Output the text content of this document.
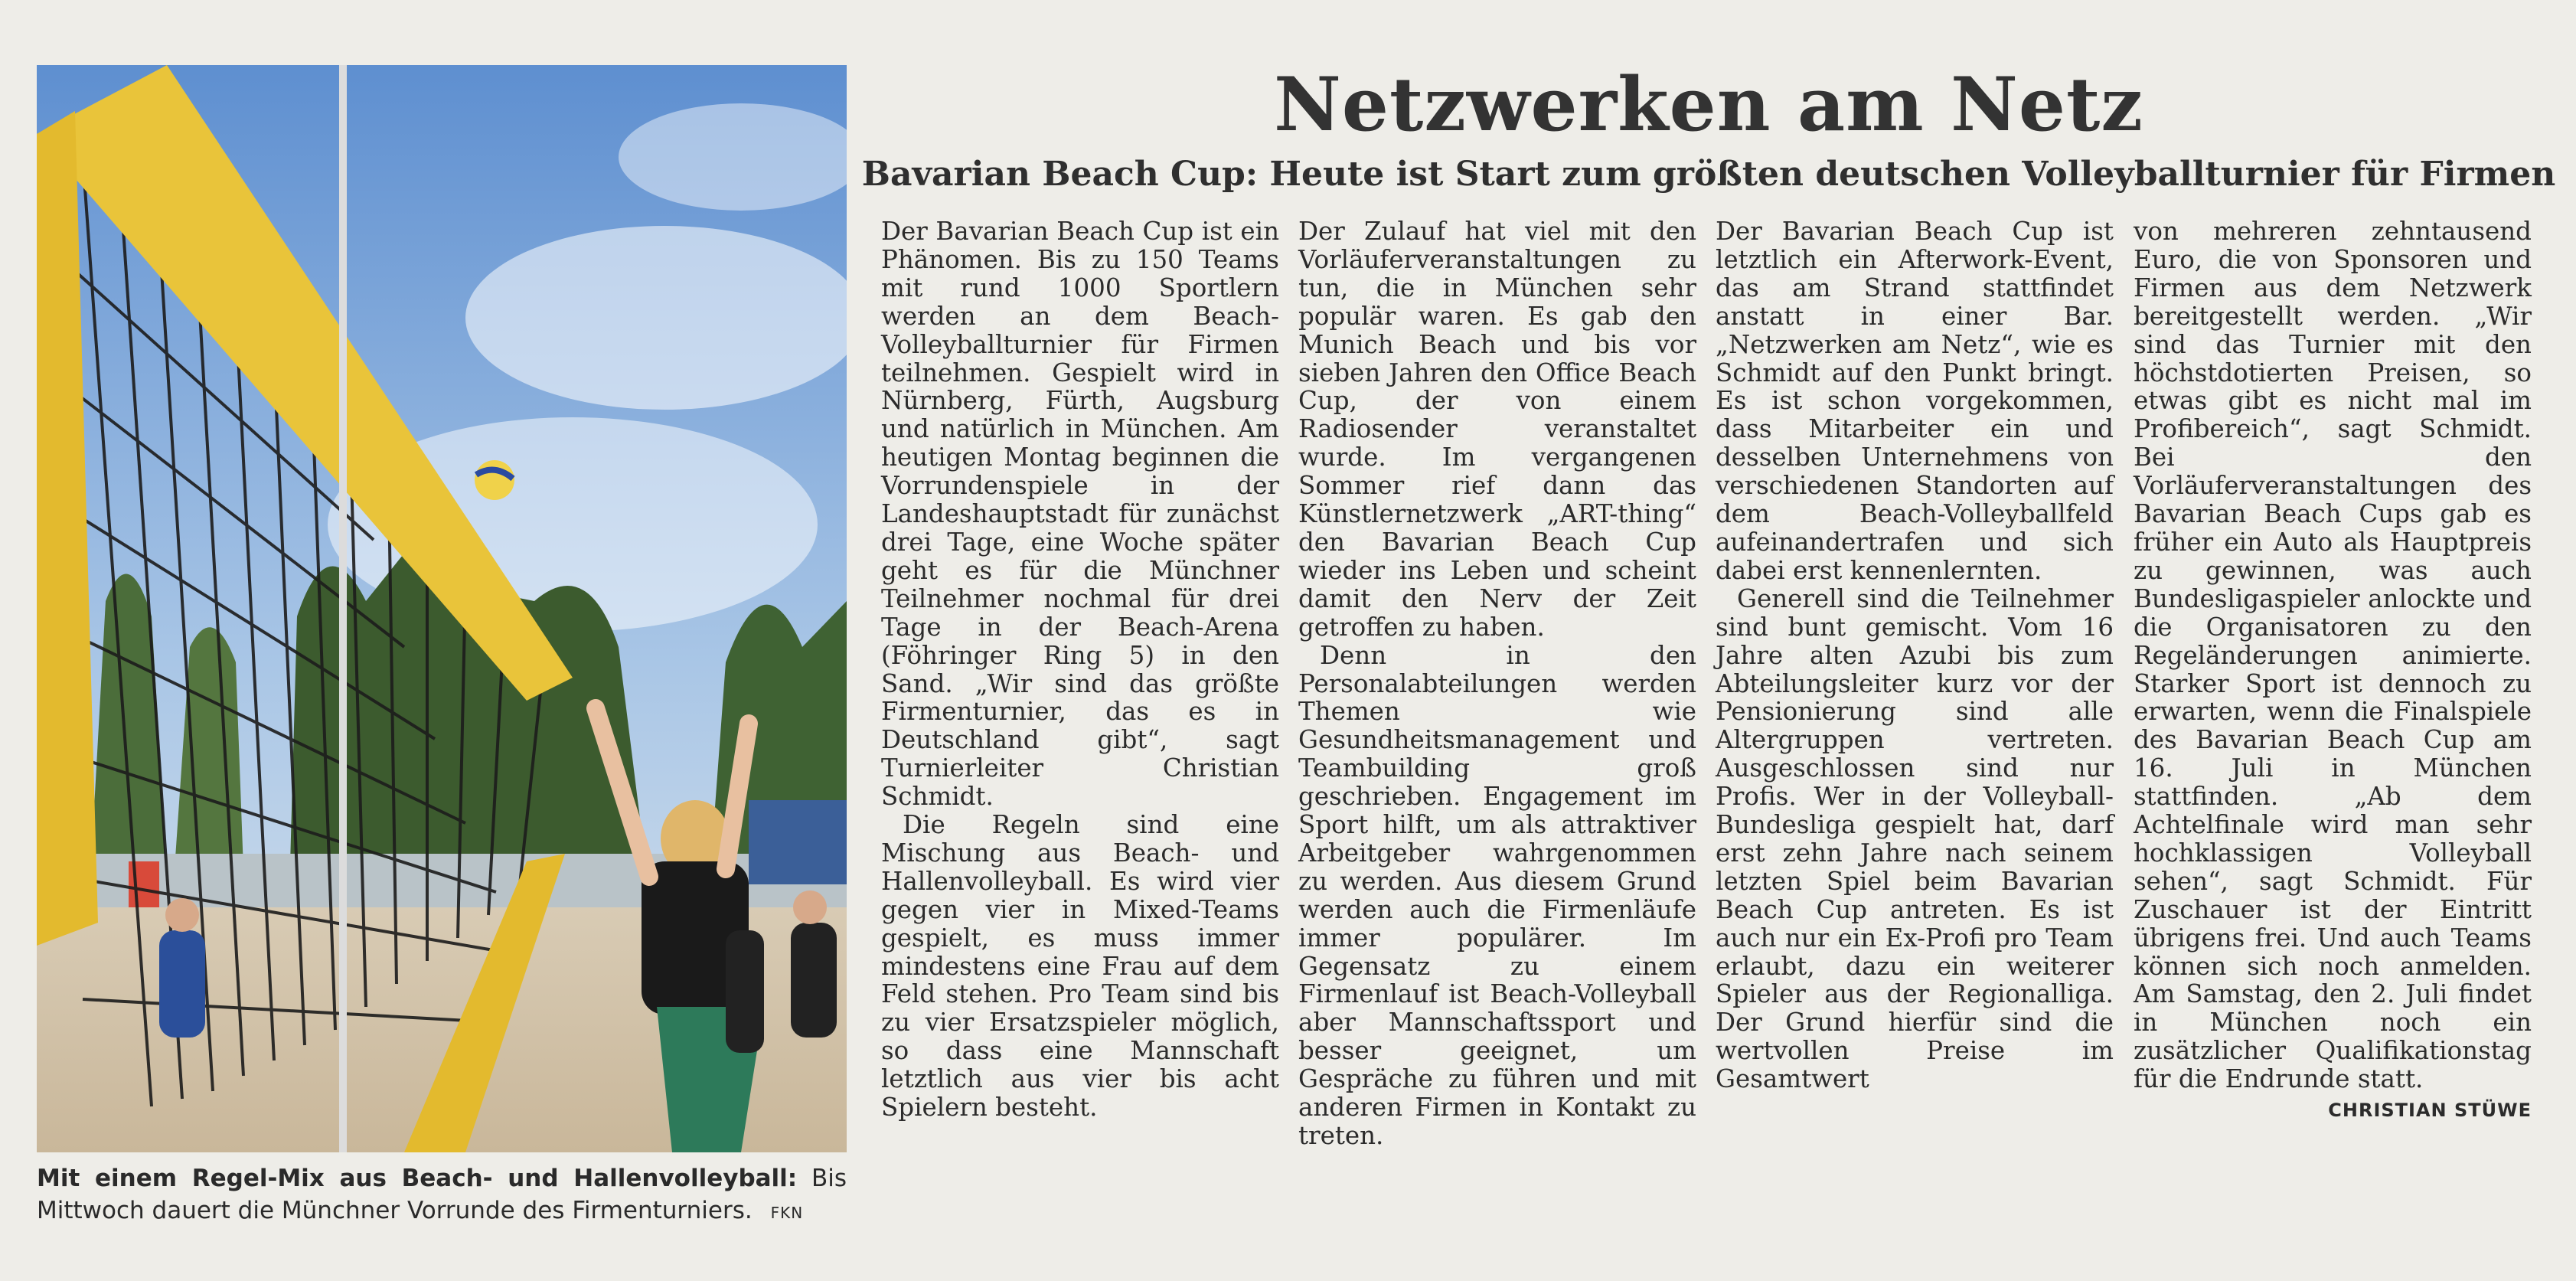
Mit einem Regel-Mix aus Beach- und Hallenvolleyball: Bis Mittwoch dauert die Münchner Vorrunde des Firmenturniers. FKN
Netzwerken am Netz
Bavarian Beach Cup: Heute ist Start zum größten deutschen Volleyballturnier für Firmen

Der Bavarian Beach Cup ist ein Phänomen. Bis zu 150 Teams mit rund 1000 Sportlern werden an dem Beach-Volleyballturnier für Firmen teilnehmen. Gespielt wird in Nürnberg, Fürth, Augsburg und natürlich in München. Am heutigen Montag beginnen die Vorrundenspiele in der Landeshauptstadt für zunächst drei Tage, eine Woche später geht es für die Münchner Teilnehmer nochmal für drei Tage in der Beach-Arena (Föhringer Ring 5) in den Sand. „Wir sind das größte Firmenturnier, das es in Deutschland gibt“, sagt Turnierleiter Christian Schmidt.

Die Regeln sind eine Mischung aus Beach- und Hallenvolleyball. Es wird vier gegen vier in Mixed-Teams gespielt, es muss immer mindestens eine Frau auf dem Feld stehen. Pro Team sind bis zu vier Ersatzspieler möglich, so dass eine Mannschaft letztlich aus vier bis acht Spielern besteht.

Der Zulauf hat viel mit den Vorläuferveranstaltungen zu tun, die in München sehr populär waren. Es gab den Munich Beach und bis vor sieben Jahren den Office Beach Cup, der von einem Radiosender veranstaltet wurde. Im vergangenen Sommer rief dann das Künstlernetzwerk „ART-thing“ den Bavarian Beach Cup wieder ins Leben und scheint damit den Nerv der Zeit getroffen zu haben.

Denn in den Personalabteilungen werden Themen wie Gesundheitsmanagement und Teambuilding groß geschrieben. Engagement im Sport hilft, um als attraktiver Arbeitgeber wahrgenommen zu werden. Aus diesem Grund werden auch die Firmenläufe immer populärer. Im Gegensatz zu einem Firmenlauf ist Beach-Volleyball aber Mannschaftssport und besser geeignet, um Gespräche zu führen und mit anderen Firmen in Kontakt zu treten.

Der Bavarian Beach Cup ist letztlich ein Afterwork-Event, das am Strand stattfindet anstatt in einer Bar. „Netzwerken am Netz“, wie es Schmidt auf den Punkt bringt. Es ist schon vorgekommen, dass Mitarbeiter ein und desselben Unternehmens von verschiedenen Standorten auf dem Beach-Volleyballfeld aufeinandertrafen und sich dabei erst kennenlernten.

Generell sind die Teilnehmer sind bunt gemischt. Vom 16 Jahre alten Azubi bis zum Abteilungsleiter kurz vor der Pensionierung sind alle Altergruppen vertreten. Ausgeschlossen sind nur Profis. Wer in der Volleyball-Bundesliga gespielt hat, darf erst zehn Jahre nach seinem letzten Spiel beim Bavarian Beach Cup antreten. Es ist auch nur ein Ex-Profi pro Team erlaubt, dazu ein weiterer Spieler aus der Regionalliga. Der Grund hierfür sind die wertvollen Preise im Gesamtwert

von mehreren zehntausend Euro, die von Sponsoren und Firmen aus dem Netzwerk bereitgestellt werden. „Wir sind das Turnier mit den höchstdotierten Preisen, so etwas gibt es nicht mal im Profibereich“, sagt Schmidt. Bei den Vorläuferveranstaltungen des Bavarian Beach Cups gab es früher ein Auto als Hauptpreis zu gewinnen, was auch Bundesligaspieler anlockte und die Organisatoren zu den Regeländerungen animierte. Starker Sport ist dennoch zu erwarten, wenn die Finalspiele des Bavarian Beach Cup am 16. Juli in München stattfinden. „Ab dem Achtelfinale wird man sehr hochklassigen Volleyball sehen“, sagt Schmidt. Für Zuschauer ist der Eintritt übrigens frei. Und auch Teams können sich noch anmelden. Am Samstag, den 2. Juli findet in München noch ein zusätzlicher Qualifikationstag für die Endrunde statt.

CHRISTIAN STÜWE
